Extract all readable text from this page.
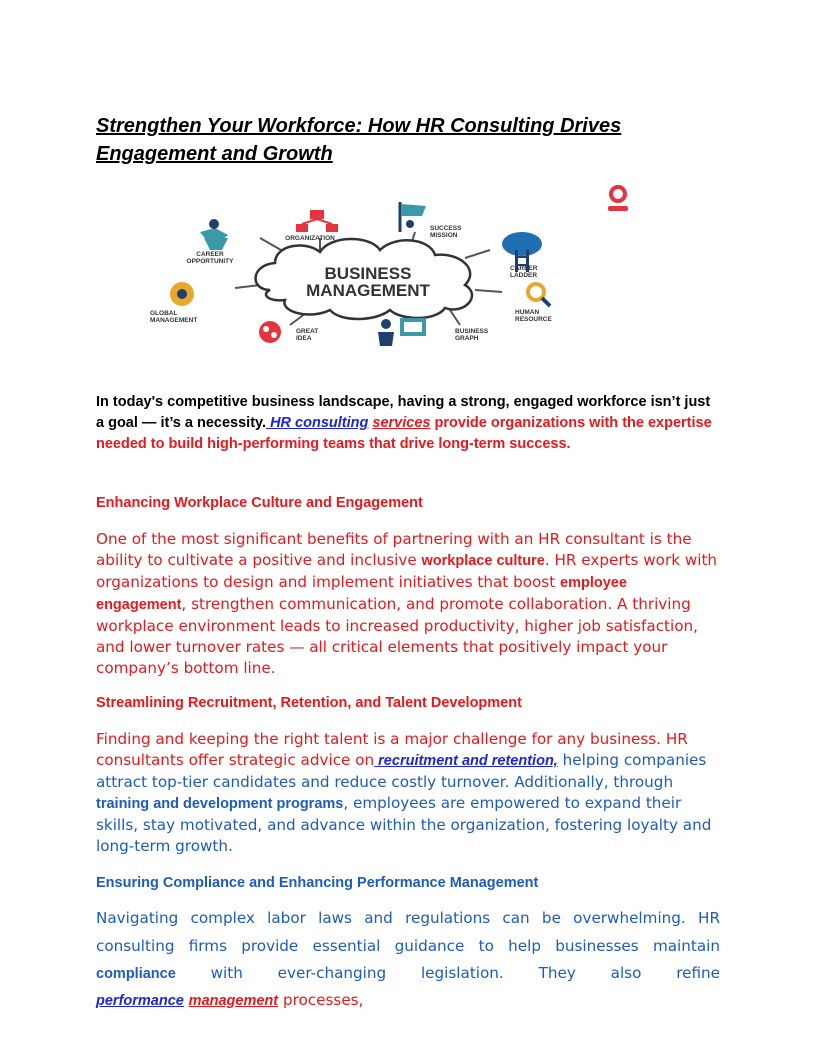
Strengthen Your Workforce: How HR Consulting Drives Engagement and Growth
BUSINESS
MANAGEMENT
ORGANIZATION
SUCCESS
MISSION
CAREER
OPPORTUNITY
CAREER
LADDER
GLOBAL
MANAGEMENT
HUMAN
RESOURCE
GREAT
IDEA
BUSINESS
GRAPH

In today's competitive business landscape, having a strong, engaged workforce isn’t just a goal — it’s a necessity. HR consulting services provide organizations with the expertise needed to build high-performing teams that drive long-term success.

Enhancing Workplace Culture and Engagement

One of the most significant benefits of partnering with an HR consultant is the ability to cultivate a positive and inclusive workplace culture. HR experts work with organizations to design and implement initiatives that boost employee engagement, strengthen communication, and promote collaboration. A thriving workplace environment leads to increased productivity, higher job satisfaction, and lower turnover rates — all critical elements that positively impact your company’s bottom line.

Streamlining Recruitment, Retention, and Talent Development

Finding and keeping the right talent is a major challenge for any business. HR consultants offer strategic advice on recruitment and retention, helping companies attract top-tier candidates and reduce costly turnover. Additionally, through training and development programs, employees are empowered to expand their skills, stay motivated, and advance within the organization, fostering loyalty and long-term growth.

Ensuring Compliance and Enhancing Performance Management

Navigating complex labor laws and regulations can be overwhelming. HR consulting firms provide essential guidance to help businesses maintain compliance with ever-changing legislation. They also refine

performance management processes,
